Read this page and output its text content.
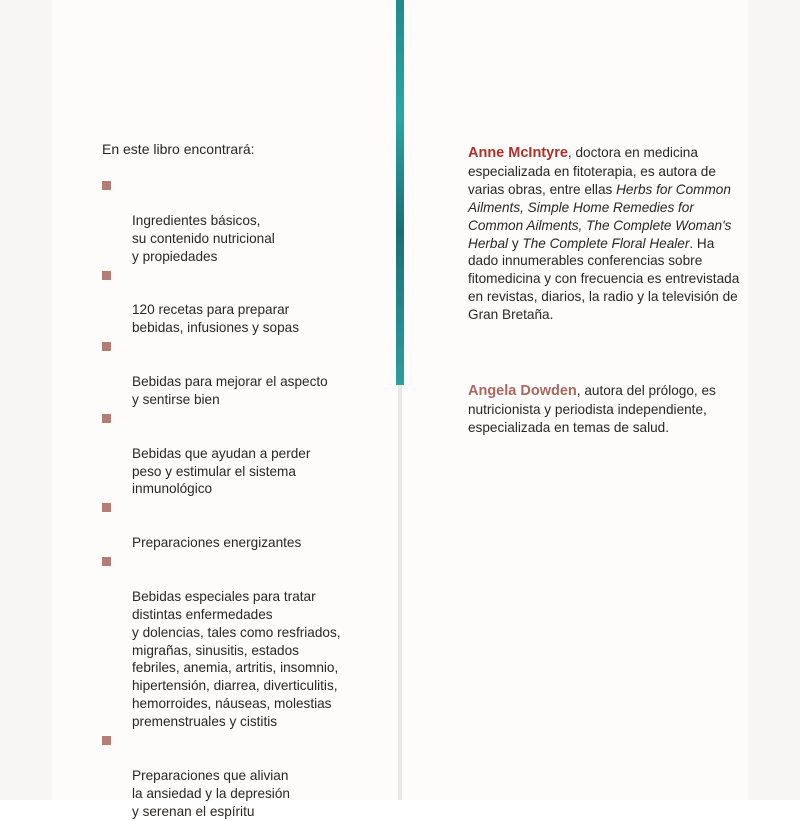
En este libro encontrará:

Ingredientes básicos,
su contenido nutricional
y propiedades

120 recetas para preparar
bebidas, infusiones y sopas

Bebidas para mejorar el aspecto
y sentirse bien

Bebidas que ayudan a perder
peso y estimular el sistema
inmunológico

Preparaciones energizantes

Bebidas especiales para tratar
distintas enfermedades
y dolencias, tales como resfriados,
migrañas, sinusitis, estados
febriles, anemia, artritis, insomnio,
hipertensión, diarrea, diverticulitis,
hemorroides, náuseas, molestias
premenstruales y cistitis

Preparaciones que alivian
la ansiedad y la depresión
y serenan el espíritu

Anne McIntyre, doctora en medicina especializada en fitoterapia, es autora de varias obras, entre ellas Herbs for Common Ailments, Simple Home Remedies for Common Ailments, The Complete Woman's Herbal y The Complete Floral Healer. Ha dado innumerables conferencias sobre fitomedicina y con frecuencia es entrevistada en revistas, diarios, la radio y la televisión de Gran Bretaña.
Angela Dowden, autora del prólogo, es nutricionista y periodista independiente, especializada en temas de salud.
